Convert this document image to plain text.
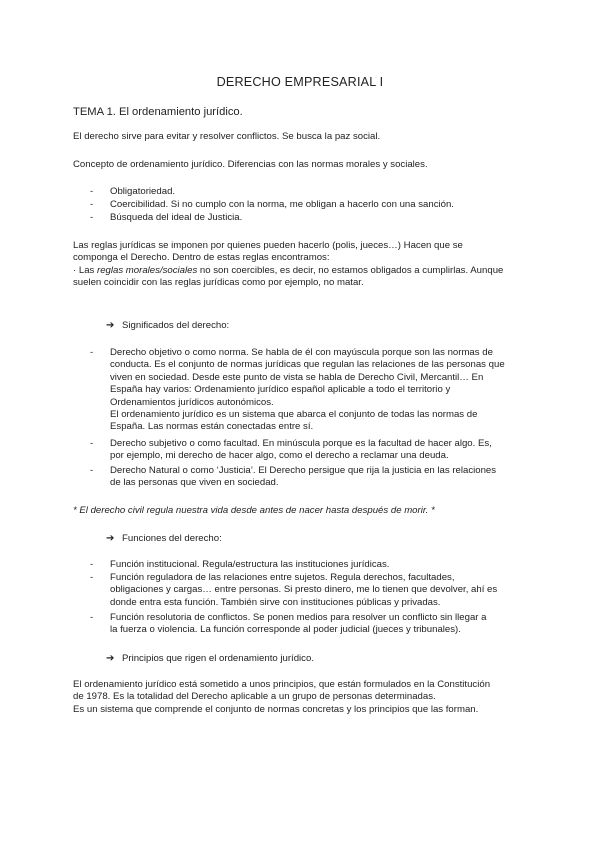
DERECHO EMPRESARIAL I
TEMA 1. El ordenamiento jurídico.
El derecho sirve para evitar y resolver conflictos. Se busca la paz social.
Concepto de ordenamiento jurídico. Diferencias con las normas morales y sociales.
- Obligatoriedad.
- Coercibilidad. Si no cumplo con la norma, me obligan a hacerlo con una sanción.
- Búsqueda del ideal de Justicia.
Las reglas jurídicas se imponen por quienes pueden hacerlo (polis, jueces…) Hacen que se
componga el Derecho. Dentro de estas reglas encontramos:
· Las reglas morales/sociales no son coercibles, es decir, no estamos obligados a cumplirlas. Aunque
suelen coincidir con las reglas jurídicas como por ejemplo, no matar.
➔ Significados del derecho:
- Derecho objetivo o como norma. Se habla de él con mayúscula porque son las normas de
conducta. Es el conjunto de normas jurídicas que regulan las relaciones de las personas que
viven en sociedad. Desde este punto de vista se habla de Derecho Civil, Mercantil… En
España hay varios: Ordenamiento jurídico español aplicable a todo el territorio y
Ordenamientos jurídicos autonómicos.
El ordenamiento jurídico es un sistema que abarca el conjunto de todas las normas de
España. Las normas están conectadas entre sí.
- Derecho subjetivo o como facultad. En minúscula porque es la facultad de hacer algo. Es,
por ejemplo, mi derecho de hacer algo, como el derecho a reclamar una deuda.
- Derecho Natural o como ‘Justicia’. El Derecho persigue que rija la justicia en las relaciones
de las personas que viven en sociedad.
* El derecho civil regula nuestra vida desde antes de nacer hasta después de morir. *
➔ Funciones del derecho:
- Función institucional. Regula/estructura las instituciones jurídicas.
- Función reguladora de las relaciones entre sujetos. Regula derechos, facultades,
obligaciones y cargas… entre personas. Si presto dinero, me lo tienen que devolver, ahí es
donde entra esta función. También sirve con instituciones públicas y privadas.
- Función resolutoria de conflictos. Se ponen medios para resolver un conflicto sin llegar a
la fuerza o violencia. La función corresponde al poder judicial (jueces y tribunales).
➔ Principios que rigen el ordenamiento jurídico.
El ordenamiento jurídico está sometido a unos principios, que están formulados en la Constitución
de 1978. Es la totalidad del Derecho aplicable a un grupo de personas determinadas.
Es un sistema que comprende el conjunto de normas concretas y los principios que las forman.
